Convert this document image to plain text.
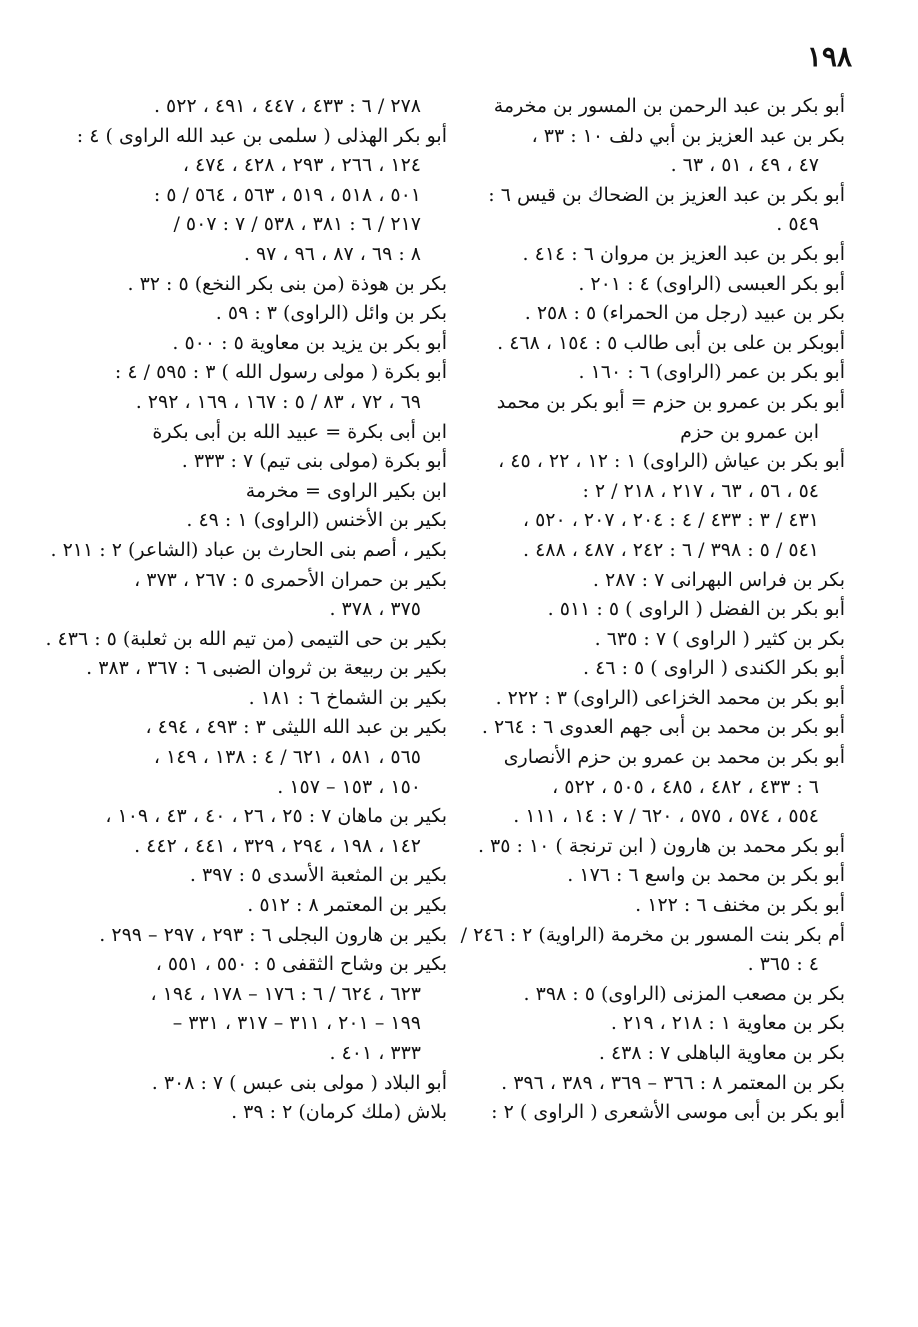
١٩٨
أبو بكر بن عبد الرحمن بن المسور بن مخرمة
بكر بن عبد العزيز بن أبي دلف ١٠ : ٣٣ ،
٤٧ ، ٤٩ ، ٥١ ، ٦٣ .
أبو بكر بن عبد العزيز بن الضحاك بن قيس ٦ :
٥٤٩ .
أبو بكر بن عبد العزيز بن مروان ٦ : ٤١٤ .
أبو بكر العبسى (الراوى) ٤ : ٢٠١ .
بكر بن عبيد (رجل من الحمراء) ٥ : ٢٥٨ .
أبوبكر بن على بن أبى طالب ٥ : ١٥٤ ، ٤٦٨ .
أبو بكر بن عمر (الراوى) ٦ : ١٦٠ .
أبو بكر بن عمرو بن حزم = أبو بكر بن محمد
ابن عمرو بن حزم
أبو بكر بن عياش (الراوى) ١ : ١٢ ، ٢٢ ، ٤٥ ،
٥٤ ، ٥٦ ، ٦٣ ، ٢١٧ ، ٢١٨ / ٢ :
٤٣١ / ٣ : ٤٣٣ / ٤ : ٢٠٤ ، ٢٠٧ ، ٥٢٠ ،
٥٤١ / ٥ : ٣٩٨ / ٦ : ٢٤٢ ، ٤٨٧ ، ٤٨٨ .
بكر بن فراس البهرانى ٧ : ٢٨٧ .
أبو بكر بن الفضل ( الراوى ) ٥ : ٥١١ .
بكر بن كثير ( الراوى ) ٧ : ٦٣٥ .
أبو بكر الكندى ( الراوى ) ٥ : ٤٦ .
أبو بكر بن محمد الخزاعى (الراوى) ٣ : ٢٢٢ .
أبو بكر بن محمد بن أبى جهم العدوى ٦ : ٢٦٤ .
أبو بكر بن محمد بن عمرو بن حزم الأنصارى
٦ : ٤٣٣ ، ٤٨٢ ، ٤٨٥ ، ٥٠٥ ، ٥٢٢ ،
٥٥٤ ، ٥٧٤ ، ٥٧٥ ، ٦٢٠ / ٧ : ١٤ ، ١١١ .
أبو بكر محمد بن هارون ( ابن ترنجة ) ١٠ : ٣٥ .
أبو بكر بن محمد بن واسع ٦ : ١٧٦ .
أبو بكر بن مخنف ٦ : ١٢٢ .
أم بكر بنت المسور بن مخرمة (الراوية) ٢ : ٢٤٦ /
٤ : ٣٦٥ .
بكر بن مصعب المزنى (الراوى) ٥ : ٣٩٨ .
بكر بن معاوية ١ : ٢١٨ ، ٢١٩ .
بكر بن معاوية الباهلى ٧ : ٤٣٨ .
بكر بن المعتمر ٨ : ٣٦٦ – ٣٦٩ ، ٣٨٩ ، ٣٩٦ .
أبو بكر بن أبى موسى الأشعرى ( الراوى ) ٢ :
٢٧٨ / ٦ : ٤٣٣ ، ٤٤٧ ، ٤٩١ ، ٥٢٢ .
أبو بكر الهذلى ( سلمى بن عبد الله الراوى ) ٤ :
١٢٤ ، ٢٦٦ ، ٢٩٣ ، ٤٢٨ ، ٤٧٤ ،
٥٠١ ، ٥١٨ ، ٥١٩ ، ٥٦٣ ، ٥٦٤ / ٥ :
٢١٧ / ٦ : ٣٨١ ، ٥٣٨ / ٧ : ٥٠٧ /
٨ : ٦٩ ، ٨٧ ، ٩٦ ، ٩٧ .
بكر بن هوذة (من بنى بكر النخع) ٥ : ٣٢ .
بكر بن وائل (الراوى) ٣ : ٥٩ .
أبو بكر بن يزيد بن معاوية ٥ : ٥٠٠ .
أبو بكرة ( مولى رسول الله ) ٣ : ٥٩٥ / ٤ :
٦٩ ، ٧٢ ، ٨٣ / ٥ : ١٦٧ ، ١٦٩ ، ٢٩٢ .
ابن أبى بكرة = عبيد الله بن أبى بكرة
أبو بكرة (مولى بنى تيم) ٧ : ٣٣٣ .
ابن بكير الراوى = مخرمة
بكير بن الأخنس (الراوى) ١ : ٤٩ .
بكير ، أصم بنى الحارث بن عباد (الشاعر) ٢ : ٢١١ .
بكير بن حمران الأحمرى ٥ : ٢٦٧ ، ٣٧٣ ،
٣٧٥ ، ٣٧٨ .
بكير بن حى التيمى (من تيم الله بن ثعلبة) ٥ : ٤٣٦ .
بكير بن ربيعة بن ثروان الضبى ٦ : ٣٦٧ ، ٣٨٣ .
بكير بن الشماخ ٦ : ١٨١ .
بكير بن عبد الله الليثى ٣ : ٤٩٣ ، ٤٩٤ ،
٥٦٥ ، ٥٨١ ، ٦٢١ / ٤ : ١٣٨ ، ١٤٩ ،
١٥٠ ، ١٥٣ – ١٥٧ .
بكير بن ماهان ٧ : ٢٥ ، ٢٦ ، ٤٠ ، ٤٣ ، ١٠٩ ،
١٤٢ ، ١٩٨ ، ٢٩٤ ، ٣٢٩ ، ٤٤١ ، ٤٤٢ .
بكير بن المثعبة الأسدى ٥ : ٣٩٧ .
بكير بن المعتمر ٨ : ٥١٢ .
بكير بن هارون البجلى ٦ : ٢٩٣ ، ٢٩٧ – ٢٩٩ .
بكير بن وشاح الثقفى ٥ : ٥٥٠ ، ٥٥١ ،
٦٢٣ ، ٦٢٤ / ٦ : ١٧٦ – ١٧٨ ، ١٩٤ ،
١٩٩ – ٢٠١ ، ٣١١ – ٣١٧ ، ٣٣١ –
٣٣٣ ، ٤٠١ .
أبو البلاد ( مولى بنى عبس ) ٧ : ٣٠٨ .
بلاش (ملك كرمان) ٢ : ٣٩ .
